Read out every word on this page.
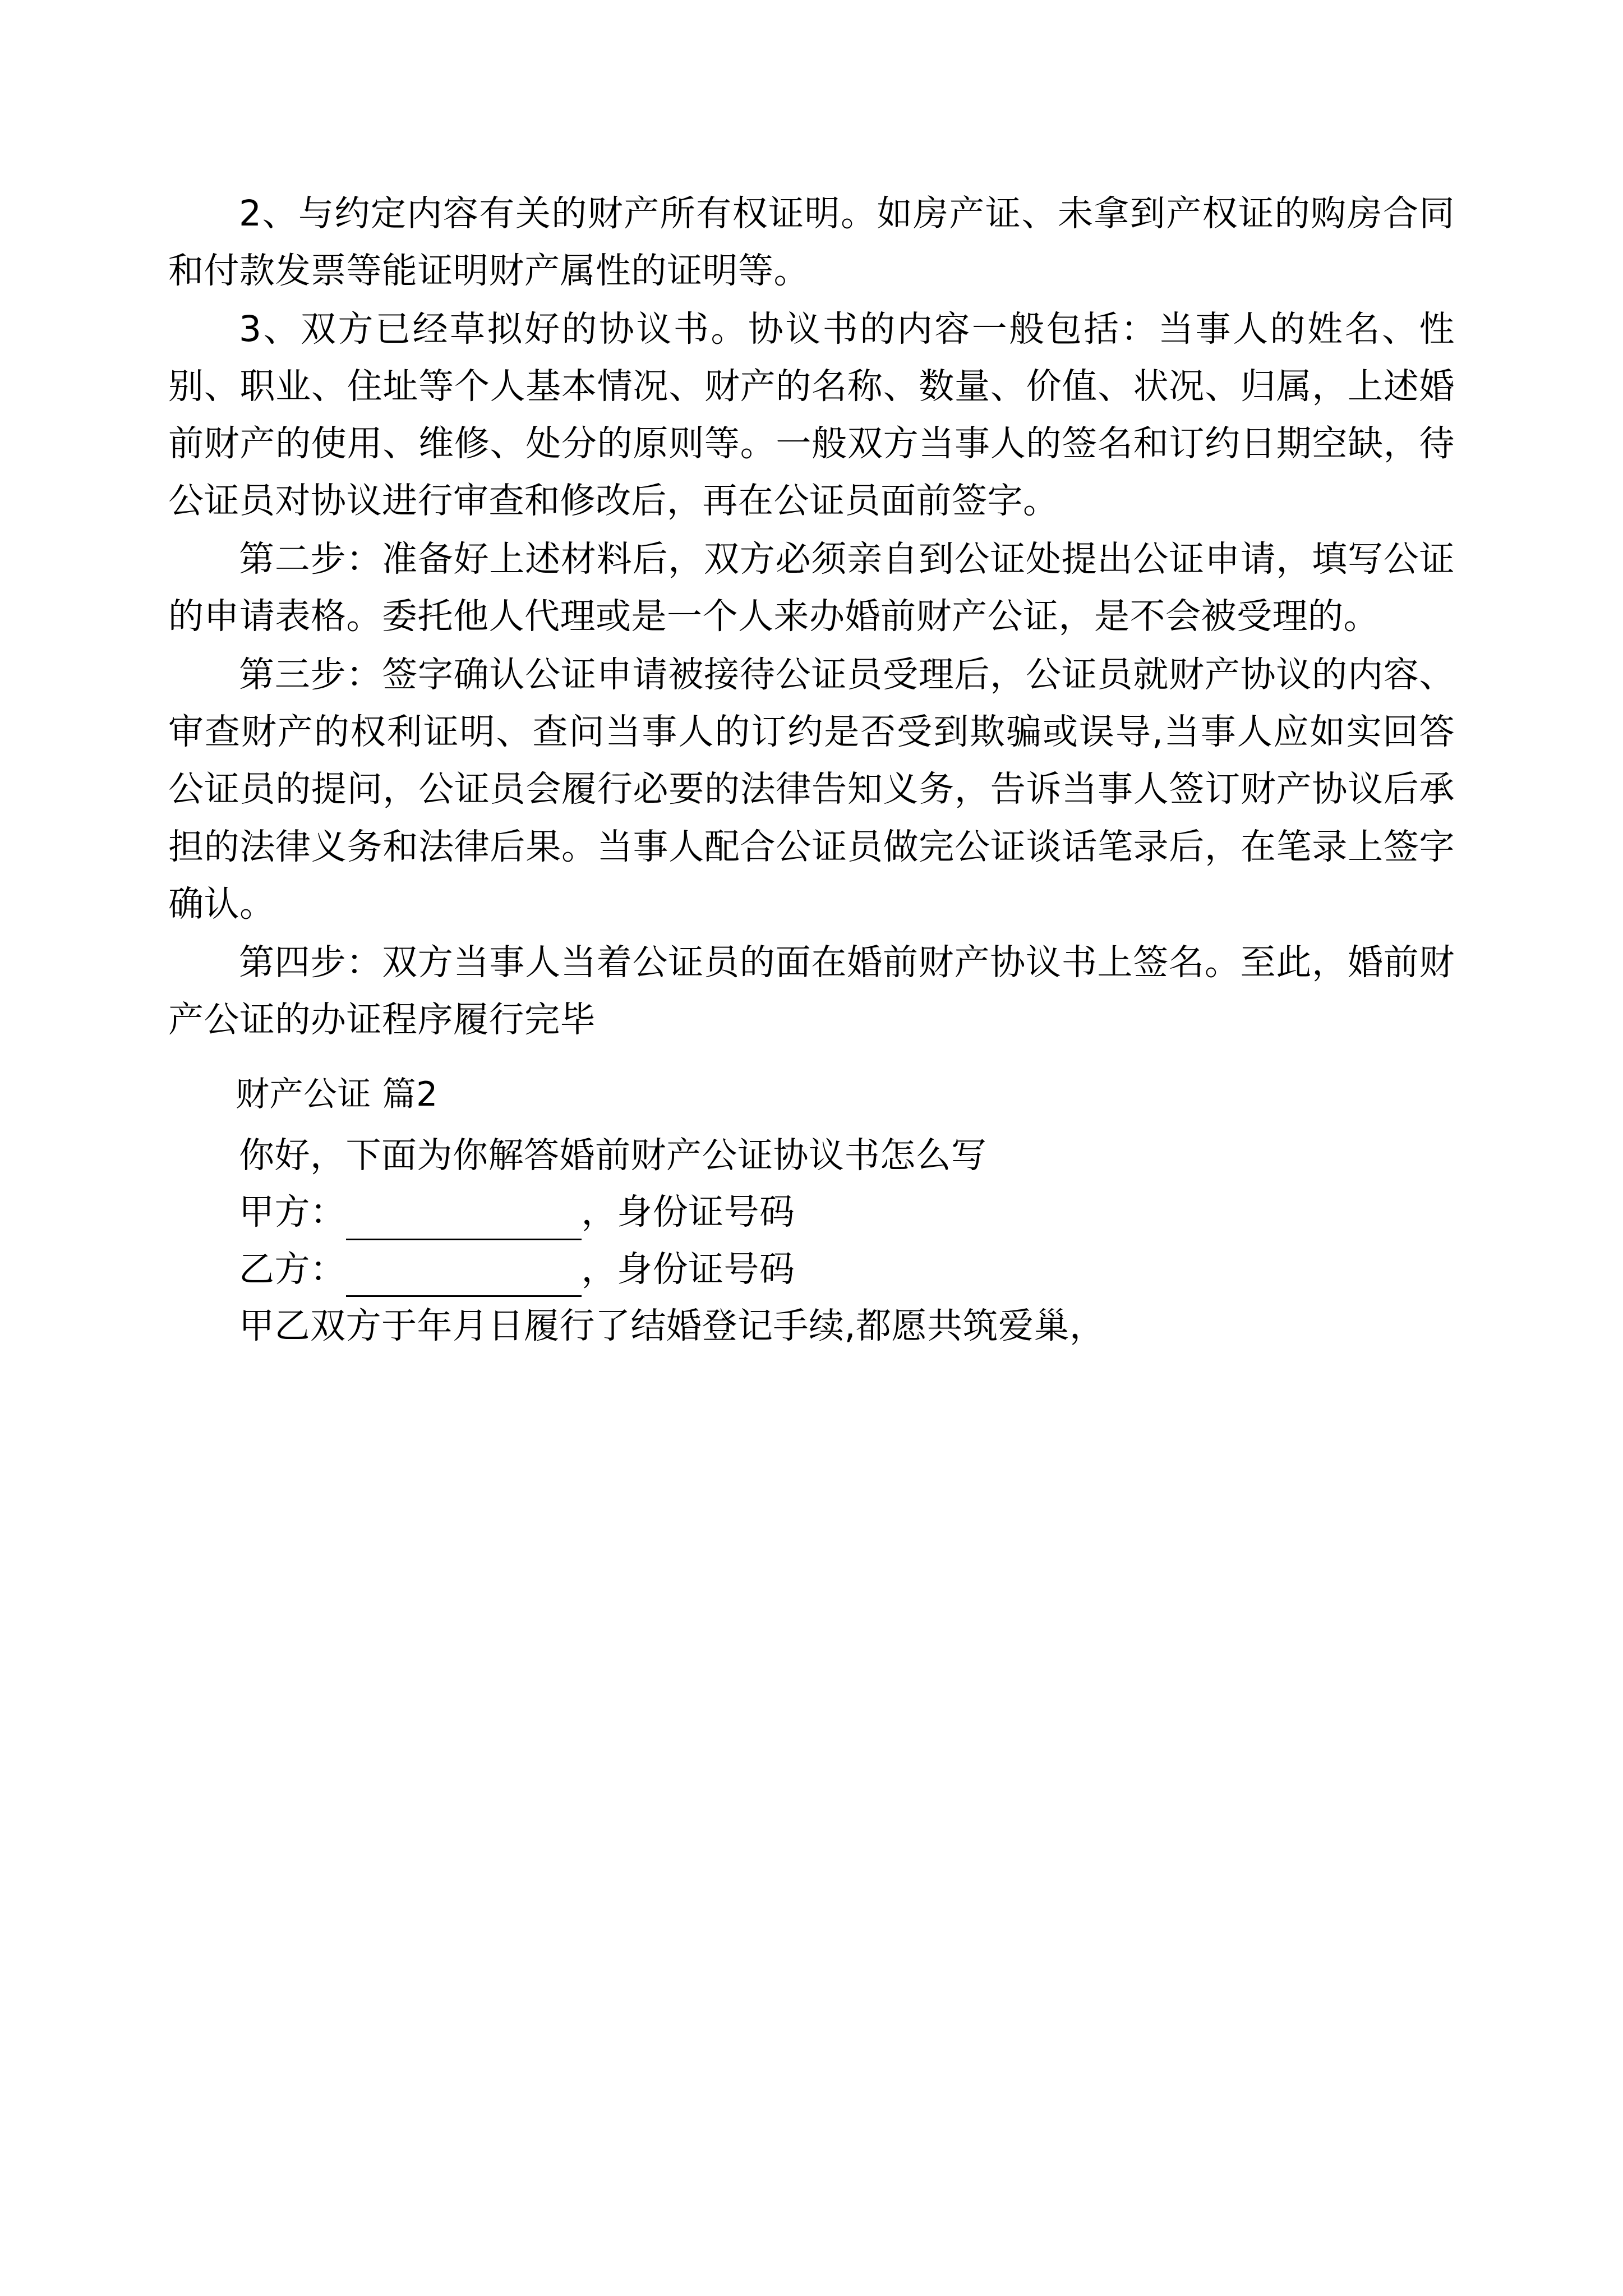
2、与约定内容有关的财产所有权证明。如房产证、未拿到产权证的购房合同和付款发票等能证明财产属性的证明等。

3、双方已经草拟好的协议书。协议书的内容一般包括：当事人的姓名、性别、职业、住址等个人基本情况、财产的名称、数量、价值、状况、归属，上述婚前财产的使用、维修、处分的原则等。一般双方当事人的签名和订约日期空缺，待公证员对协议进行审查和修改后，再在公证员面前签字。

第二步：准备好上述材料后，双方必须亲自到公证处提出公证申请，填写公证的申请表格。委托他人代理或是一个人来办婚前财产公证，是不会被受理的。

第三步：签字确认公证申请被接待公证员受理后，公证员就财产协议的内容、审查财产的权利证明、查问当事人的订约是否受到欺骗或误导,当事人应如实回答公证员的提问，公证员会履行必要的法律告知义务，告诉当事人签订财产协议后承担的法律义务和法律后果。当事人配合公证员做完公证谈话笔录后，在笔录上签字确认。

第四步：双方当事人当着公证员的面在婚前财产协议书上签名。至此，婚前财产公证的办证程序履行完毕

财产公证 篇2

你好，下面为你解答婚前财产公证协议书怎么写

甲方：	，身份证号码

乙方：	，身份证号码

甲乙双方于年月日履行了结婚登记手续,都愿共筑爱巢，
